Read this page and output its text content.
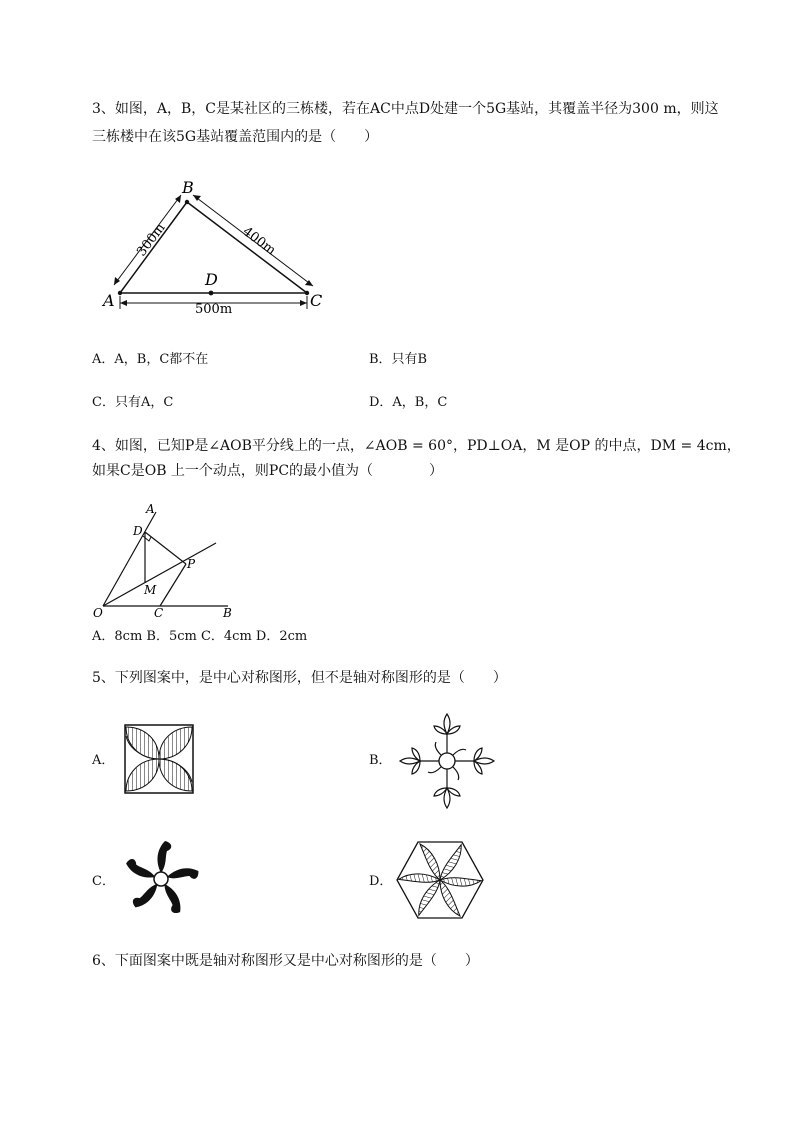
3、如图，A，B，C是某社区的三栋楼，若在AC中点D处建一个5G基站，其覆盖半径为300 m，则这
三栋楼中在该5G基站覆盖范围内的是（　　）
B
A	C
D
500m
300m	400m
A．A，B，C都不在	B．只有B
C．只有A，C	D．A，B，C
4、如图，已知P是∠AOB平分线上的一点，∠AOB = 60°，PD⊥OA，M 是OP 的中点，DM = 4cm，
如果C是OB 上一个动点，则PC的最小值为（　　　　）
A
D
P
M
O	C	B
A．8cm B．5cm C．4cm D．2cm
5、下列图案中，是中心对称图形，但不是轴对称图形的是（　　）
A．	B．
C．	D．
6、下面图案中既是轴对称图形又是中心对称图形的是（　　）
